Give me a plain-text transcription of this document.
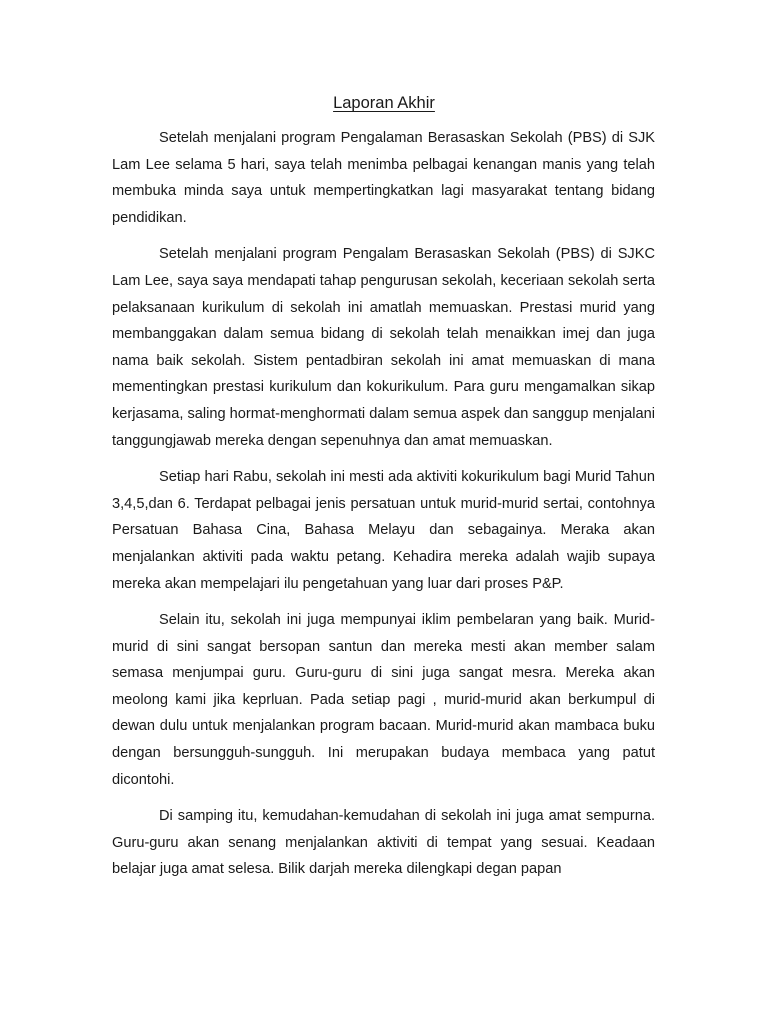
Laporan Akhir

Setelah menjalani program Pengalaman Berasaskan Sekolah (PBS) di SJK Lam Lee selama 5 hari, saya telah menimba pelbagai kenangan manis yang telah membuka minda saya untuk mempertingkatkan lagi masyarakat tentang bidang pendidikan.

Setelah menjalani program Pengalam Berasaskan Sekolah (PBS) di SJKC Lam Lee, saya saya mendapati tahap pengurusan sekolah, keceriaan sekolah serta pelaksanaan kurikulum di sekolah ini amatlah memuaskan. Prestasi murid yang membanggakan dalam semua bidang di sekolah telah menaikkan imej dan juga nama baik sekolah. Sistem pentadbiran sekolah ini amat memuaskan di mana mementingkan prestasi kurikulum dan kokurikulum. Para guru mengamalkan sikap kerjasama, saling hormat-menghormati dalam semua aspek dan sanggup menjalani tanggungjawab mereka dengan sepenuhnya dan amat memuaskan.

Setiap hari Rabu, sekolah ini mesti ada aktiviti kokurikulum bagi Murid Tahun 3,4,5,dan 6. Terdapat pelbagai jenis persatuan untuk murid-murid sertai, contohnya Persatuan Bahasa Cina, Bahasa Melayu dan sebagainya. Meraka akan menjalankan aktiviti pada waktu petang. Kehadira mereka adalah wajib supaya mereka akan mempelajari ilu pengetahuan yang luar dari proses P&P.

Selain itu, sekolah ini juga mempunyai iklim pembelaran yang baik. Murid-murid di sini sangat bersopan santun dan mereka mesti akan member salam semasa menjumpai guru. Guru-guru di sini juga sangat mesra. Mereka akan meolong kami jika keprluan. Pada setiap pagi , murid-murid akan berkumpul di dewan dulu untuk menjalankan program bacaan. Murid-murid akan mambaca buku dengan bersungguh-sungguh. Ini merupakan budaya membaca yang patut dicontohi.

Di samping itu, kemudahan-kemudahan di sekolah ini juga amat sempurna. Guru-guru akan senang menjalankan aktiviti di tempat yang sesuai. Keadaan belajar juga amat selesa. Bilik darjah mereka dilengkapi degan papan
